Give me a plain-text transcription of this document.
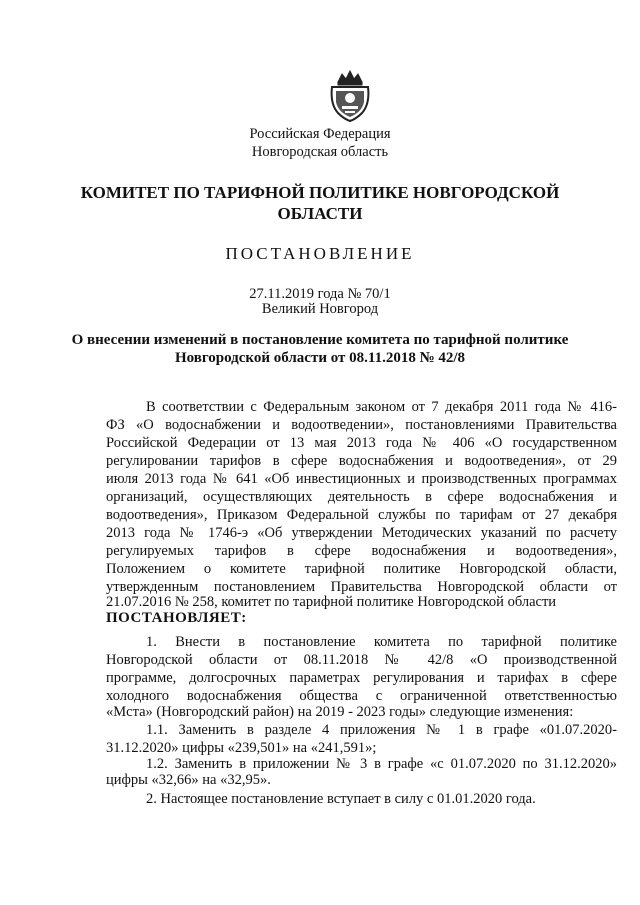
Российская Федерация
Новгородская область
КОМИТЕТ ПО ТАРИФНОЙ ПОЛИТИКЕ НОВГОРОДСКОЙ
ОБЛАСТИ
ПОСТАНОВЛЕНИЕ
27.11.2019 года № 70/1
Великий Новгород
О внесении изменений в постановление комитета по тарифной политике
Новгородской области от 08.11.2018 № 42/8
В соответствии с Федеральным законом от 7 декабря 2011 года № 416-
ФЗ «О водоснабжении и водоотведении», постановлениями Правительства
Российской Федерации от 13 мая 2013 года № 406 «О государственном
регулировании тарифов в сфере водоснабжения и водоотведения», от 29
июля 2013 года № 641 «Об инвестиционных и производственных программах
организаций, осуществляющих деятельность в сфере водоснабжения и
водоотведения», Приказом Федеральной службы по тарифам от 27 декабря
2013 года № 1746-э «Об утверждении Методических указаний по расчету
регулируемых тарифов в сфере водоснабжения и водоотведения»,
Положением о комитете тарифной политике Новгородской области,
утвержденным постановлением Правительства Новгородской области от
21.07.2016 № 258, комитет по тарифной политике Новгородской области
ПОСТАНОВЛЯЕТ:
1. Внести в постановление комитета по тарифной политике
Новгородской области от 08.11.2018 № 42/8 «О производственной
программе, долгосрочных параметрах регулирования и тарифах в сфере
холодного водоснабжения общества с ограниченной ответственностью
«Мста» (Новгородский район) на 2019 - 2023 годы» следующие изменения:
1.1. Заменить в разделе 4 приложения № 1 в графе «01.07.2020-
31.12.2020» цифры «239,501» на «241,591»;
1.2. Заменить в приложении № 3 в графе «с 01.07.2020 по 31.12.2020»
цифры «32,66» на «32,95».
2. Настоящее постановление вступает в силу с 01.01.2020 года.
